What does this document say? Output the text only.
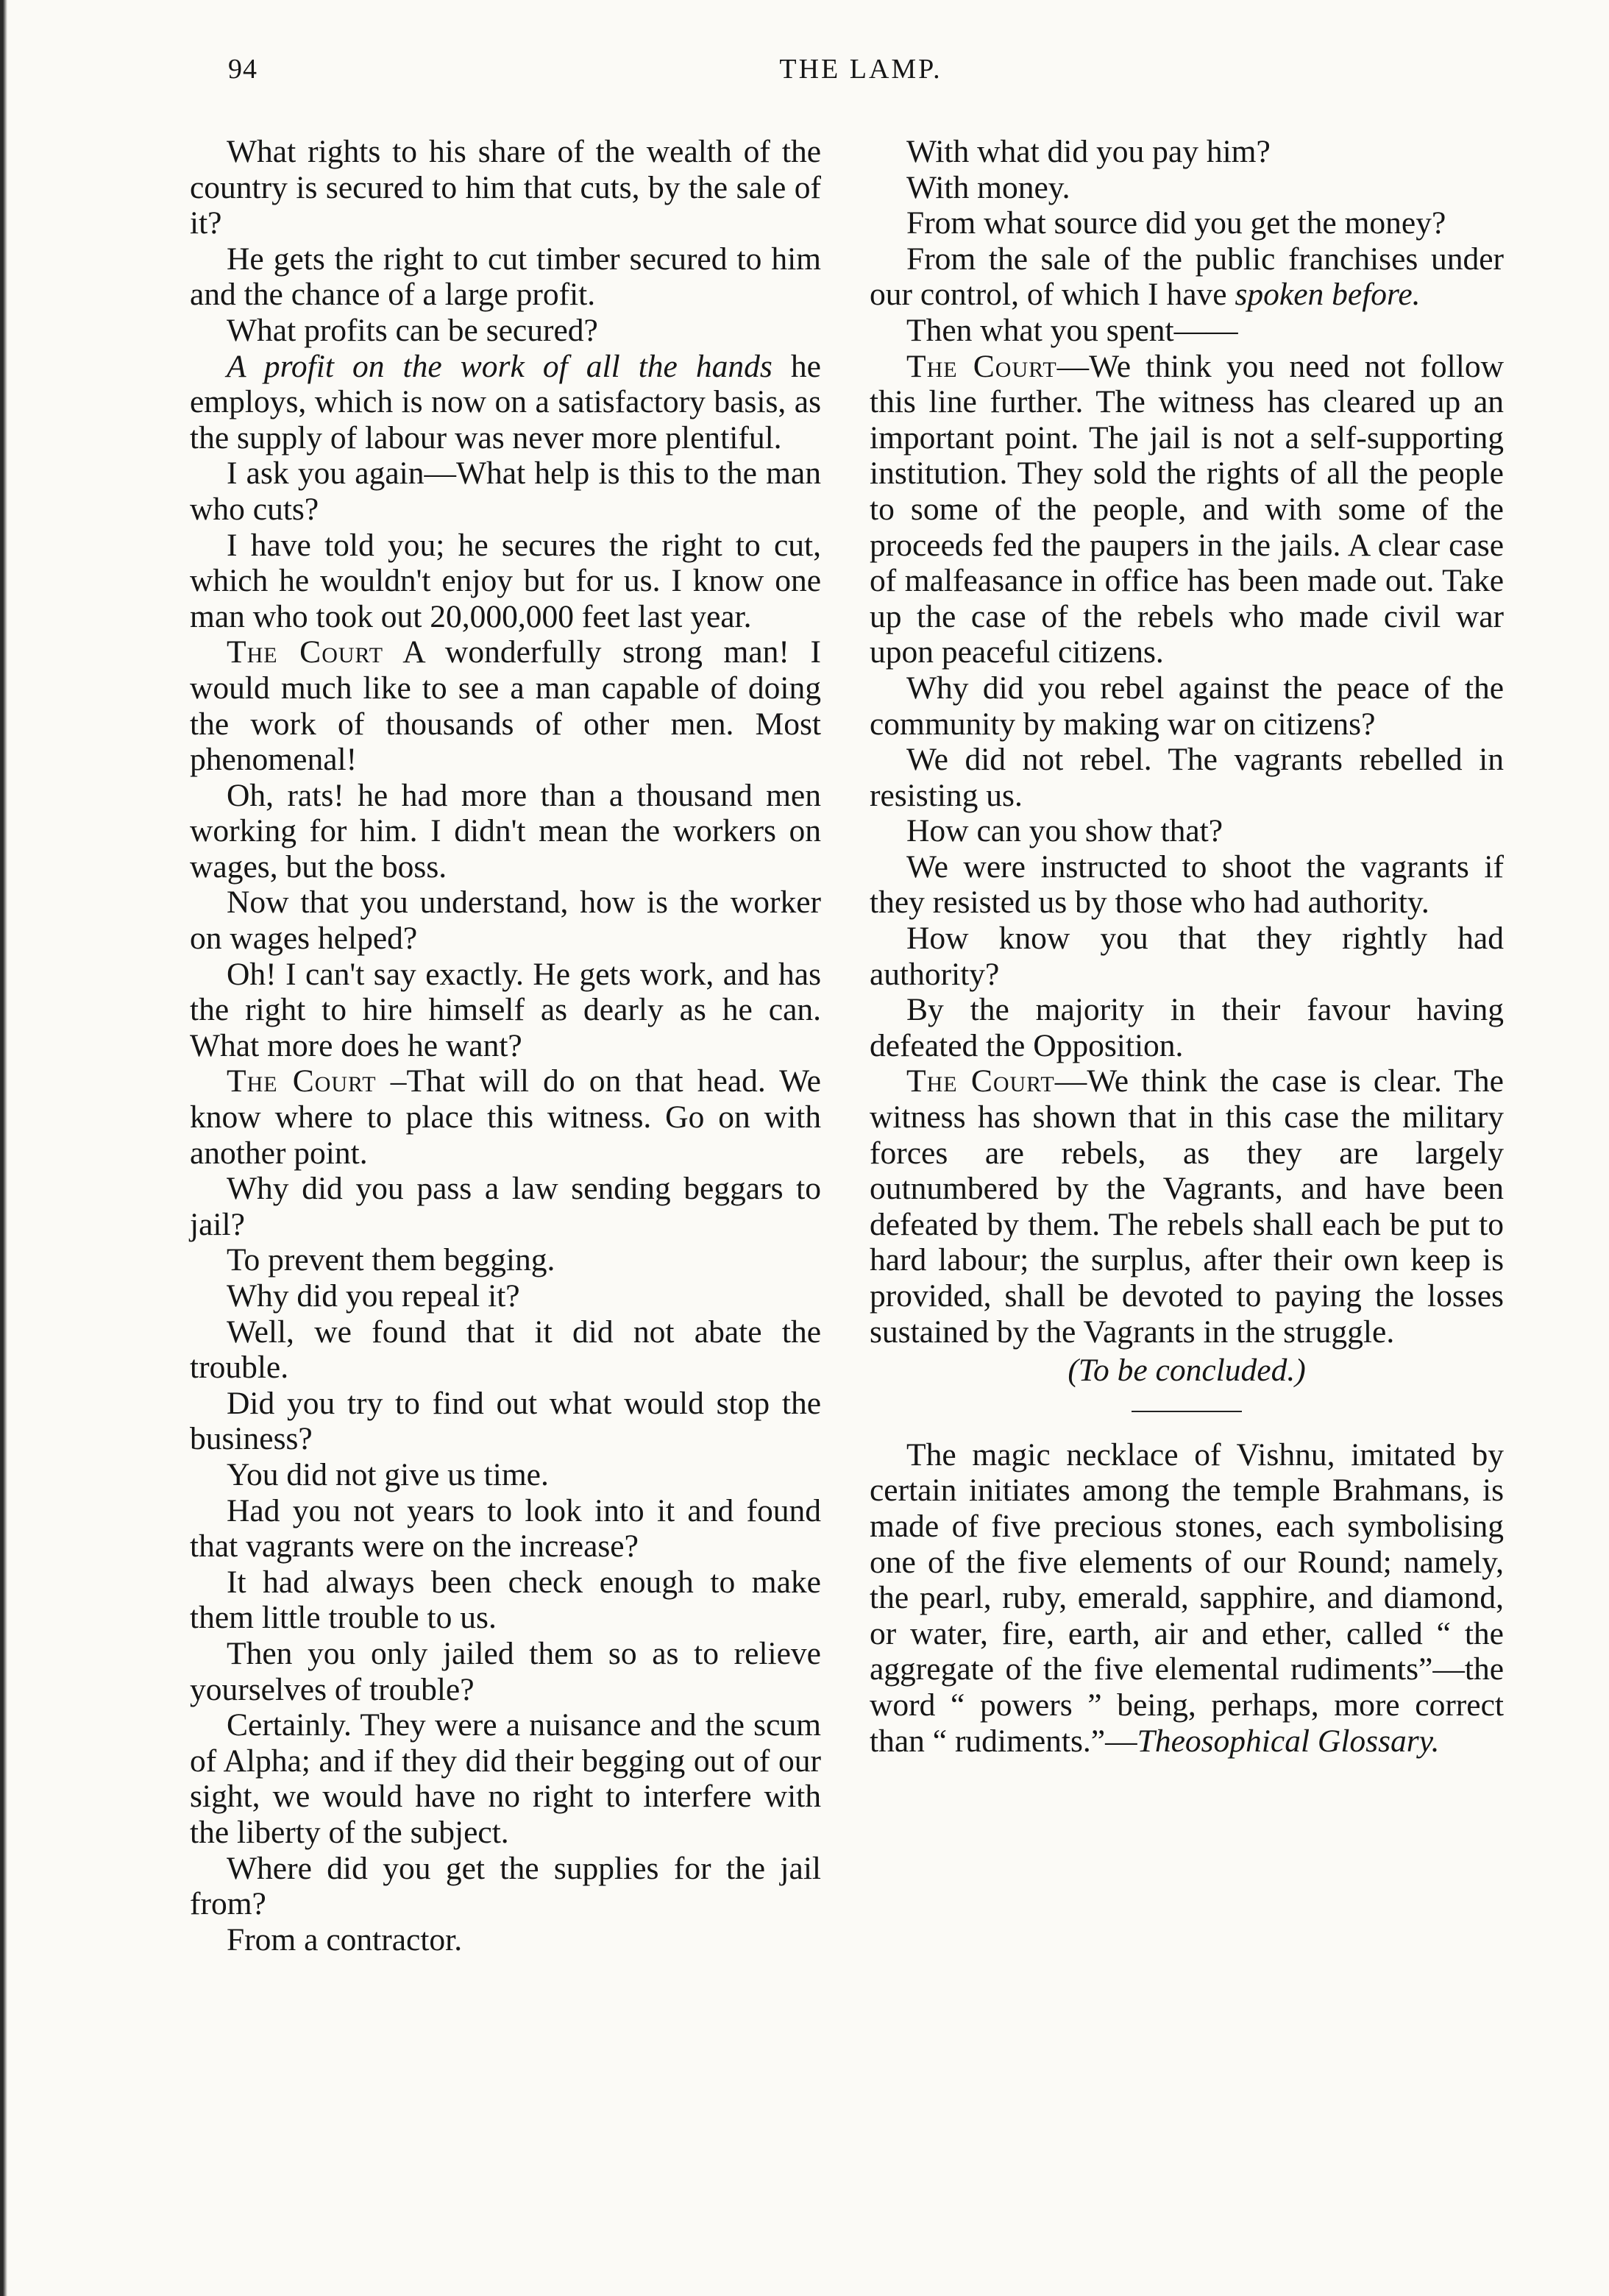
94	THE LAMP.

What rights to his share of the wealth of the country is secured to him that cuts, by the sale of it?

He gets the right to cut timber secured to him and the chance of a large profit.

What profits can be secured?

A profit on the work of all the hands he employs, which is now on a satisfactory basis, as the supply of labour was never more plentiful.

I ask you again—What help is this to the man who cuts?

I have told you; he secures the right to cut, which he wouldn't enjoy but for us. I know one man who took out 20,000,000 feet last year.

The Court A wonderfully strong man! I would much like to see a man capable of doing the work of thousands of other men. Most phenomenal!

Oh, rats! he had more than a thousand men working for him. I didn't mean the workers on wages, but the boss.

Now that you understand, how is the worker on wages helped?

Oh! I can't say exactly. He gets work, and has the right to hire himself as dearly as he can. What more does he want?

The Court –That will do on that head. We know where to place this witness. Go on with another point.

Why did you pass a law sending beggars to jail?

To prevent them begging.

Why did you repeal it?

Well, we found that it did not abate the trouble.

Did you try to find out what would stop the business?

You did not give us time.

Had you not years to look into it and found that vagrants were on the increase?

It had always been check enough to make them little trouble to us.

Then you only jailed them so as to relieve yourselves of trouble?

Certainly. They were a nuisance and the scum of Alpha; and if they did their begging out of our sight, we would have no right to interfere with the liberty of the subject.

Where did you get the supplies for the jail from?

From a contractor.

With what did you pay him?

With money.

From what source did you get the money?

From the sale of the public franchises under our control, of which I have spoken before.

Then what you spent——

The Court—We think you need not follow this line further. The witness has cleared up an important point. The jail is not a self-supporting institution. They sold the rights of all the people to some of the people, and with some of the proceeds fed the paupers in the jails. A clear case of malfeasance in office has been made out. Take up the case of the rebels who made civil war upon peaceful citizens.

Why did you rebel against the peace of the community by making war on citizens?

We did not rebel. The vagrants rebelled in resisting us.

How can you show that?

We were instructed to shoot the vagrants if they resisted us by those who had authority.

How know you that they rightly had authority?

By the majority in their favour having defeated the Opposition.

The Court—We think the case is clear. The witness has shown that in this case the military forces are rebels, as they are largely outnumbered by the Vagrants, and have been defeated by them. The rebels shall each be put to hard labour; the surplus, after their own keep is provided, shall be devoted to paying the losses sustained by the Vagrants in the struggle.

(To be concluded.)

The magic necklace of Vishnu, imitated by certain initiates among the temple Brahmans, is made of five precious stones, each symbolising one of the five elements of our Round; namely, the pearl, ruby, emerald, sapphire, and diamond, or water, fire, earth, air and ether, called “ the aggregate of the five elemental rudiments”—the word “ powers ” being, perhaps, more correct than “ rudiments.”—Theosophical Glossary.
